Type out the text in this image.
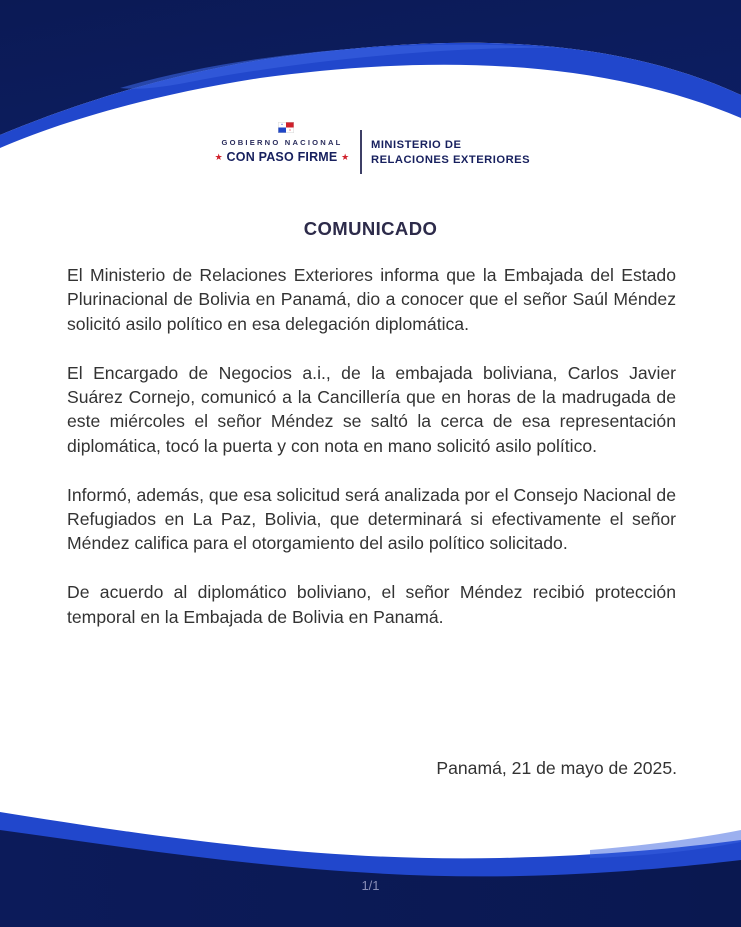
GOBIERNO NACIONAL
★ CON PASO FIRME ★
MINISTERIO DE
RELACIONES EXTERIORES
COMUNICADO

El Ministerio de Relaciones Exteriores informa que la Embajada del Estado Plurinacional de Bolivia en Panamá, dio a conocer que el señor Saúl Méndez solicitó asilo político en esa delegación diplomática.

El Encargado de Negocios a.i., de la embajada boliviana, Carlos Javier Suárez Cornejo, comunicó a la Cancillería que en horas de la madrugada de este miércoles el señor Méndez se saltó la cerca de esa representación diplomática, tocó la puerta y con nota en mano solicitó asilo político.

Informó, además, que esa solicitud será analizada por el Consejo Nacional de Refugiados en La Paz, Bolivia, que determinará si efectivamente el señor Méndez califica para el otorgamiento del asilo político solicitado.

De acuerdo al diplomático boliviano, el señor Méndez recibió protección temporal en la Embajada de Bolivia en Panamá.

Panamá, 21 de mayo de 2025.
1/1
